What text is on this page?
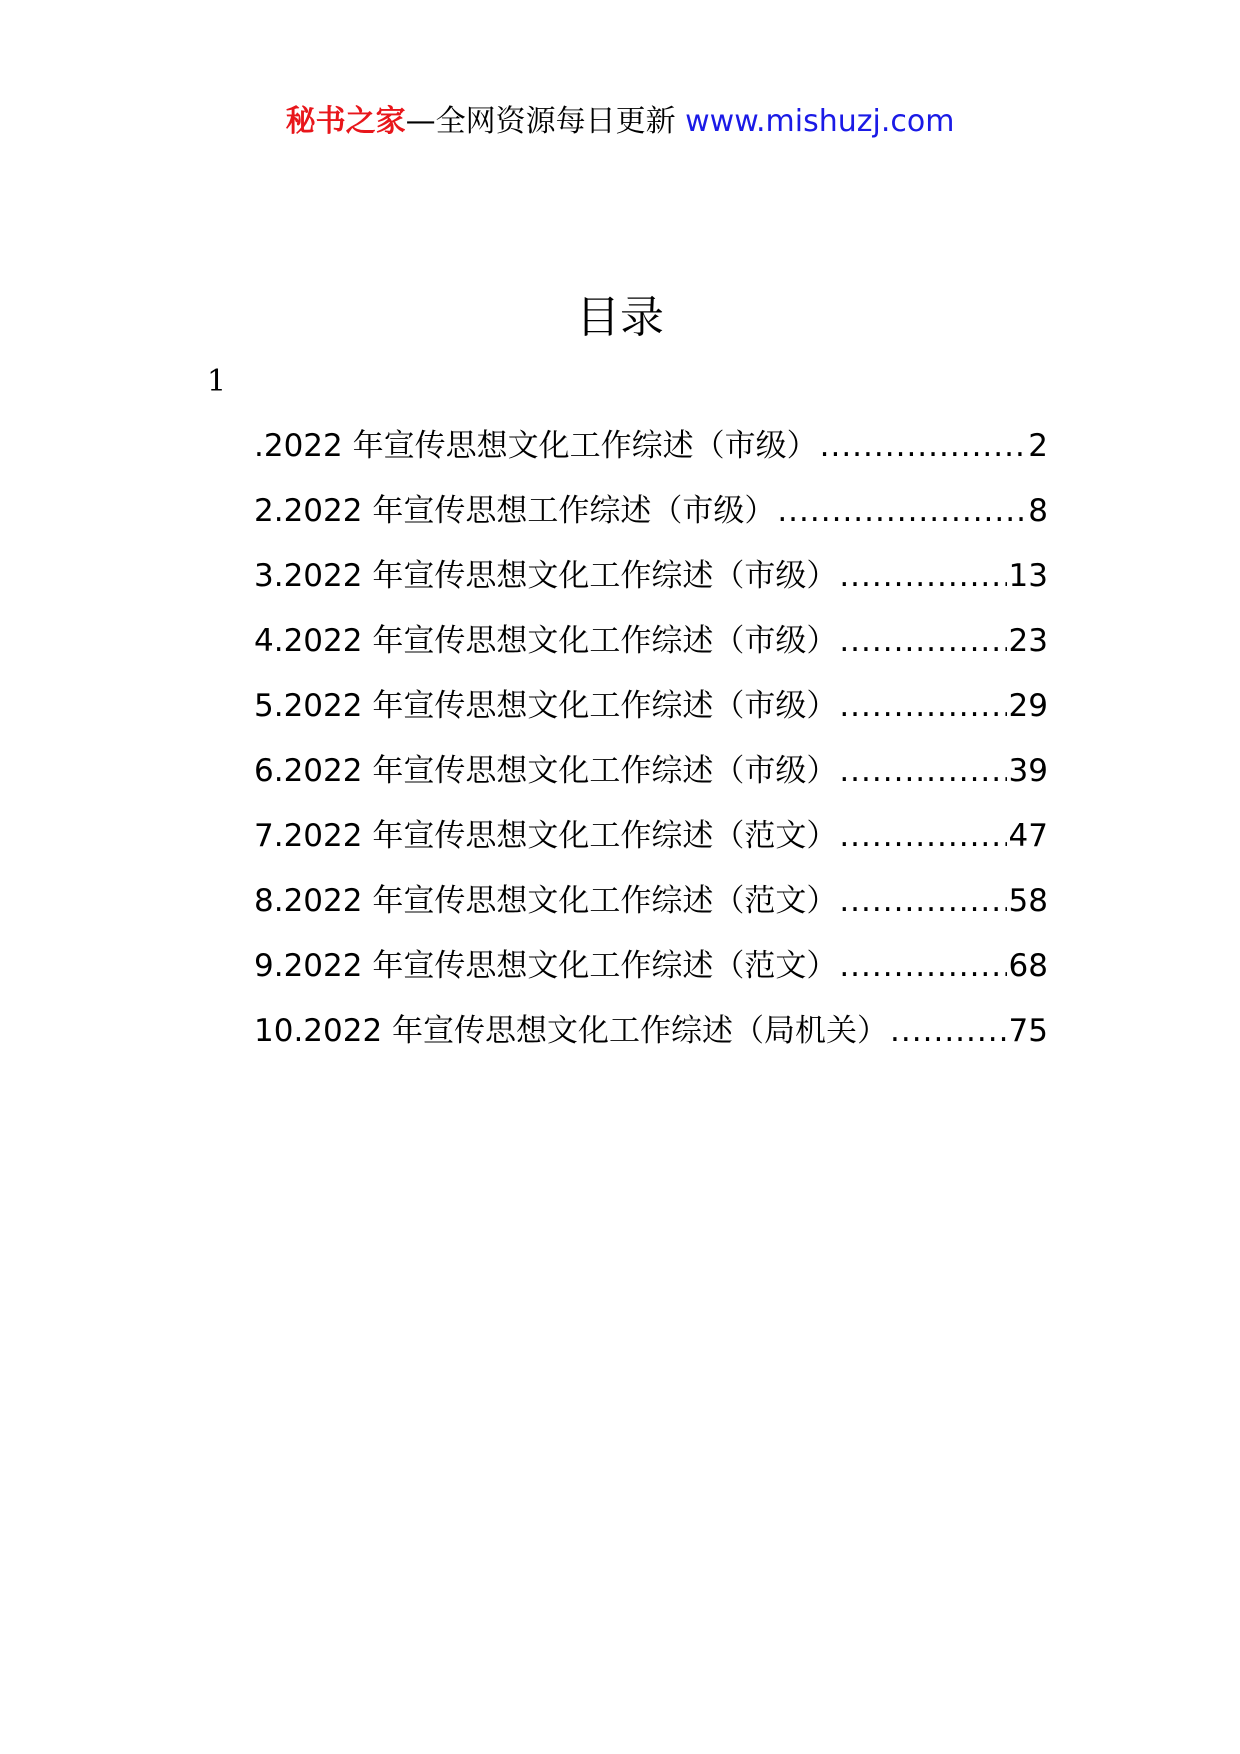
秘书之家—全网资源每日更新 www.mishuzj.com
目录
1
.2022 年宣传思想文化工作综述（市级） .....	2
2.2022 年宣传思想工作综述（市级） .....	8
3.2022 年宣传思想文化工作综述（市级） .....	13
4.2022 年宣传思想文化工作综述（市级） .....	23
5.2022 年宣传思想文化工作综述（市级） .....	29
6.2022 年宣传思想文化工作综述（市级） .....	39
7.2022 年宣传思想文化工作综述（范文） .....	47
8.2022 年宣传思想文化工作综述（范文） .....	58
9.2022 年宣传思想文化工作综述（范文） .....	68
10.2022 年宣传思想文化工作综述（局机关） .....	75
